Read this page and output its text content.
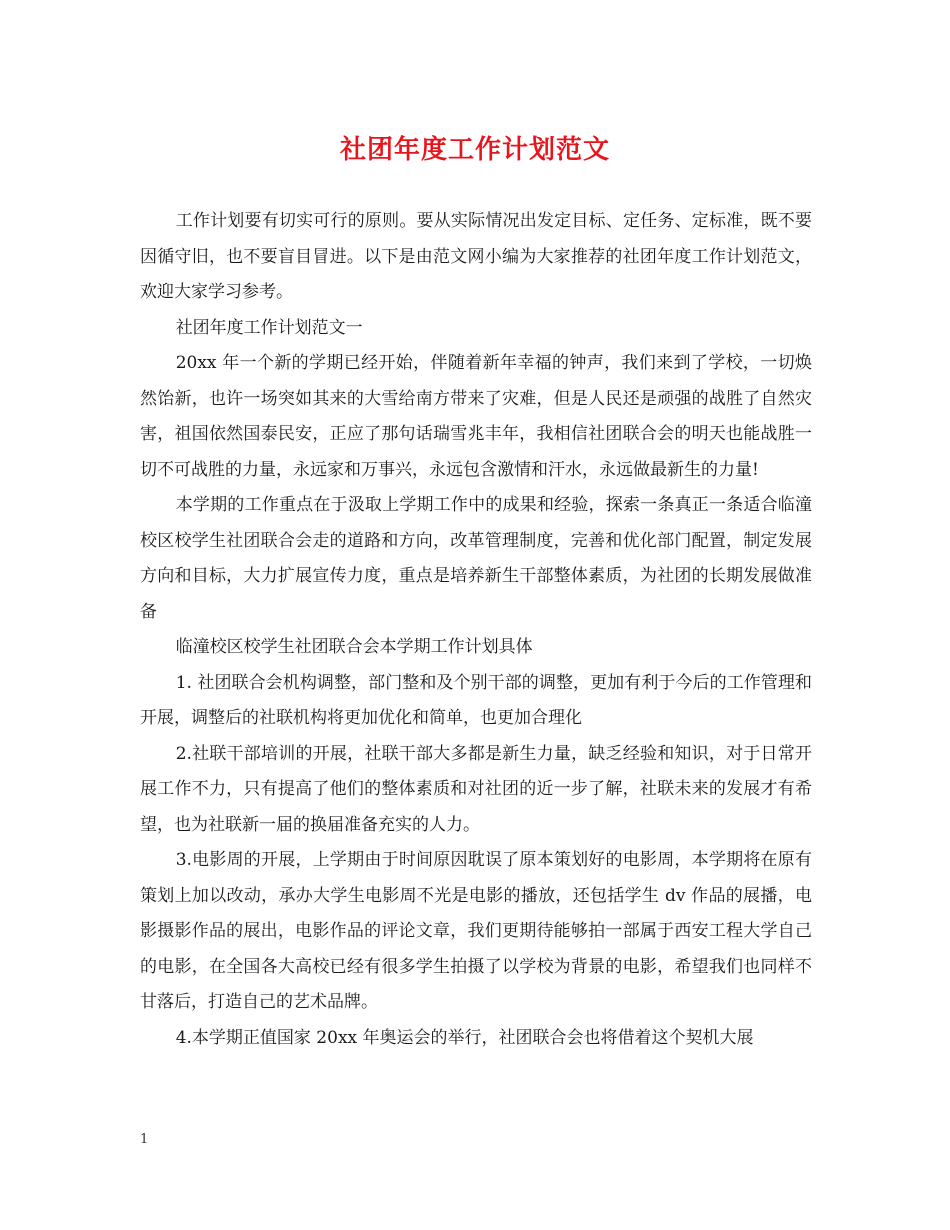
社团年度工作计划范文

工作计划要有切实可行的原则。要从实际情况出发定目标、定任务、定标准，既不要因循守旧，也不要盲目冒进。以下是由范文网小编为大家推荐的社团年度工作计划范文，欢迎大家学习参考。

社团年度工作计划范文一

20xx 年一个新的学期已经开始，伴随着新年幸福的钟声，我们来到了学校，一切焕然饴新，也许一场突如其来的大雪给南方带来了灾难，但是人民还是顽强的战胜了自然灾害，祖国依然国泰民安，正应了那句话瑞雪兆丰年，我相信社团联合会的明天也能战胜一切不可战胜的力量，永远家和万事兴，永远包含激情和汗水，永远做最新生的力量!

本学期的工作重点在于汲取上学期工作中的成果和经验，探索一条真正一条适合临潼校区校学生社团联合会走的道路和方向，改革管理制度，完善和优化部门配置，制定发展方向和目标，大力扩展宣传力度，重点是培养新生干部整体素质，为社团的长期发展做准备

临潼校区校学生社团联合会本学期工作计划具体

1. 社团联合会机构调整，部门整和及个别干部的调整，更加有利于今后的工作管理和开展，调整后的社联机构将更加优化和简单，也更加合理化

2.社联干部培训的开展，社联干部大多都是新生力量，缺乏经验和知识，对于日常开展工作不力，只有提高了他们的整体素质和对社团的近一步了解，社联未来的发展才有希望，也为社联新一届的换届准备充实的人力。

3.电影周的开展，上学期由于时间原因耽误了原本策划好的电影周，本学期将在原有策划上加以改动，承办大学生电影周不光是电影的播放，还包括学生 dv 作品的展播，电影摄影作品的展出，电影作品的评论文章，我们更期待能够拍一部属于西安工程大学自己的电影，在全国各大高校已经有很多学生拍摄了以学校为背景的电影，希望我们也同样不甘落后，打造自己的艺术品牌。

4.本学期正值国家 20xx 年奥运会的举行，社团联合会也将借着这个契机大展

1
